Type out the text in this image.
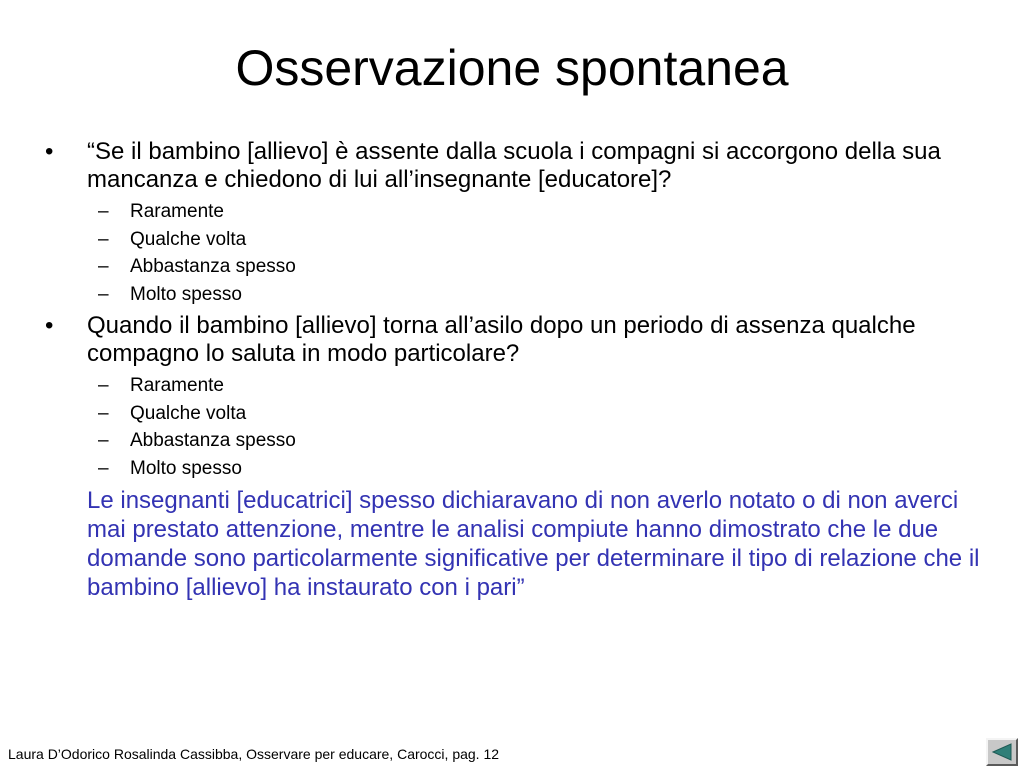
Osservazione spontanea
• “Se il bambino [allievo] è assente dalla scuola i compagni si accorgono della sua mancanza e chiedono di lui all’insegnante [educatore]?
– Raramente
– Qualche volta
– Abbastanza spesso
– Molto spesso
• Quando il bambino [allievo] torna all’asilo dopo un periodo di assenza qualche compagno lo saluta in modo particolare?
– Raramente
– Qualche volta
– Abbastanza spesso
– Molto spesso
Le insegnanti [educatrici] spesso dichiaravano di non averlo notato o di non averci mai prestato attenzione, mentre le analisi compiute hanno dimostrato che le due domande sono particolarmente significative per determinare il tipo di relazione che il bambino [allievo] ha instaurato con i pari”
Laura D’Odorico Rosalinda Cassibba, Osservare per educare, Carocci, pag. 12
